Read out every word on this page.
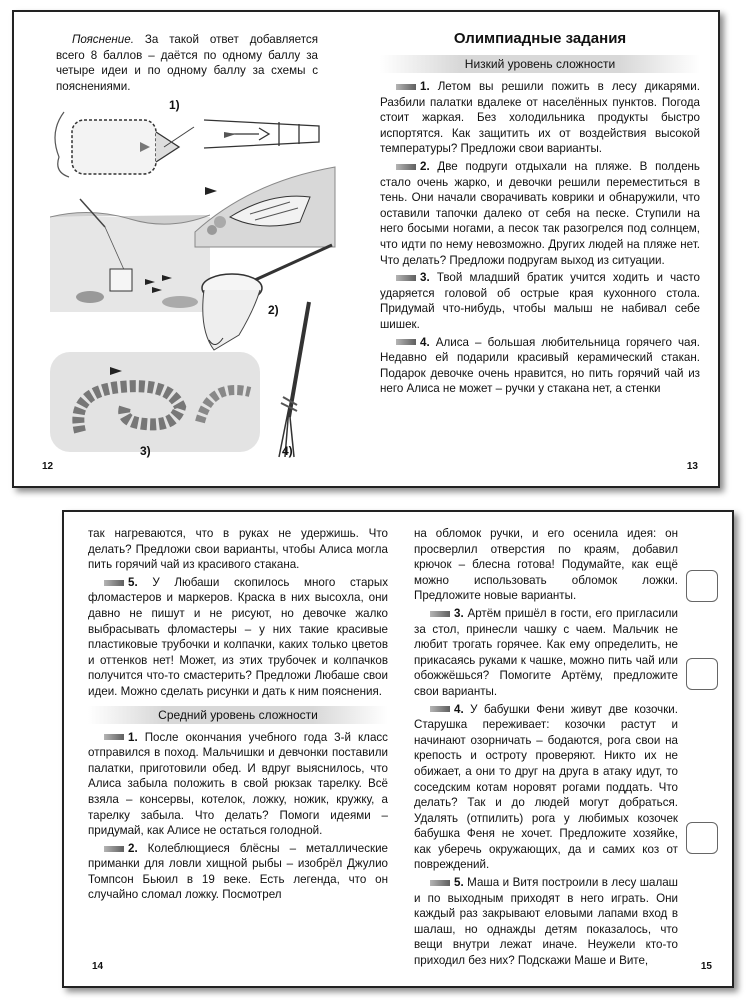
Пояснение. За такой ответ добавляется всего 8 баллов – даётся по одному баллу за четыре идеи и по одному баллу за схемы с пояснениями.

1)
2)
3)	4)
12
Олимпиадные задания
Низкий уровень сложности

1. Летом вы решили пожить в лесу дикарями. Разбили палатки вдалеке от населённых пунктов. Погода стоит жаркая. Без холодильника продукты быстро испортятся. Как защитить их от воздействия высокой температуры? Предложи свои варианты.

2. Две подруги отдыхали на пляже. В полдень стало очень жарко, и девочки решили переместиться в тень. Они начали сворачивать коврики и обнаружили, что оставили тапочки далеко от себя на песке. Ступили на него босыми ногами, а песок так разогрелся под солнцем, что идти по нему невозможно. Других людей на пляже нет. Что делать? Предложи подругам выход из ситуации.

3. Твой младший братик учится ходить и часто ударяется головой об острые края кухонного стола. Придумай что-нибудь, чтобы малыш не набивал себе шишек.

4. Алиса – большая любительница горячего чая. Недавно ей подарили красивый керамический стакан. Подарок девочке очень нравится, но пить горячий чай из него Алиса не может – ручки у стакана нет, а стенки

13

так нагреваются, что в руках не удержишь. Что делать? Предложи свои варианты, чтобы Алиса могла пить горячий чай из красивого стакана.

5. У Любаши скопилось много старых фломастеров и маркеров. Краска в них высохла, они давно не пишут и не рисуют, но девочке жалко выбрасывать фломастеры – у них такие красивые пластиковые трубочки и колпачки, каких только цветов и оттенков нет! Может, из этих трубочек и колпачков получится что-то смастерить? Предложи Любаше свои идеи. Можно сделать рисунки и дать к ним пояснения.

Средний уровень сложности

1. После окончания учебного года 3-й класс отправился в поход. Мальчишки и девчонки поставили палатки, приготовили обед. И вдруг выяснилось, что Алиса забыла положить в свой рюкзак тарелку. Всё взяла – консервы, котелок, ложку, ножик, кружку, а тарелку забыла. Что делать? Помоги идеями – придумай, как Алисе не остаться голодной.

2. Колеблющиеся блёсны – металлические приманки для ловли хищной рыбы – изобрёл Джулио Томпсон Бьюил в 19 веке. Есть легенда, что он случайно сломал ложку. Посмотрел

14

на обломок ручки, и его осенила идея: он просверлил отверстия по краям, добавил крючок – блесна готова! Подумайте, как ещё можно использовать обломок ложки. Предложите новые варианты.

3. Артём пришёл в гости, его пригласили за стол, принесли чашку с чаем. Мальчик не любит трогать горячее. Как ему определить, не прикасаясь руками к чашке, можно пить чай или обожжёшься? Помогите Артёму, предложите свои варианты.

4. У бабушки Фени живут две козочки. Старушка переживает: козочки растут и начинают озорничать – бодаются, рога свои на крепость и остроту проверяют. Никто их не обижает, а они то друг на друга в атаку идут, то соседским котам норовят рогами поддать. Что делать? Так и до людей могут добраться. Удалять (отпилить) рога у любимых козочек бабушка Феня не хочет. Предложите хозяйке, как уберечь окружающих, да и самих коз от повреждений.

5. Маша и Витя построили в лесу шалаш и по выходным приходят в него играть. Они каждый раз закрывают еловыми лапами вход в шалаш, но однажды детям показалось, что вещи внутри лежат иначе. Неужели кто-то приходил без них? Подскажи Маше и Вите,	15
